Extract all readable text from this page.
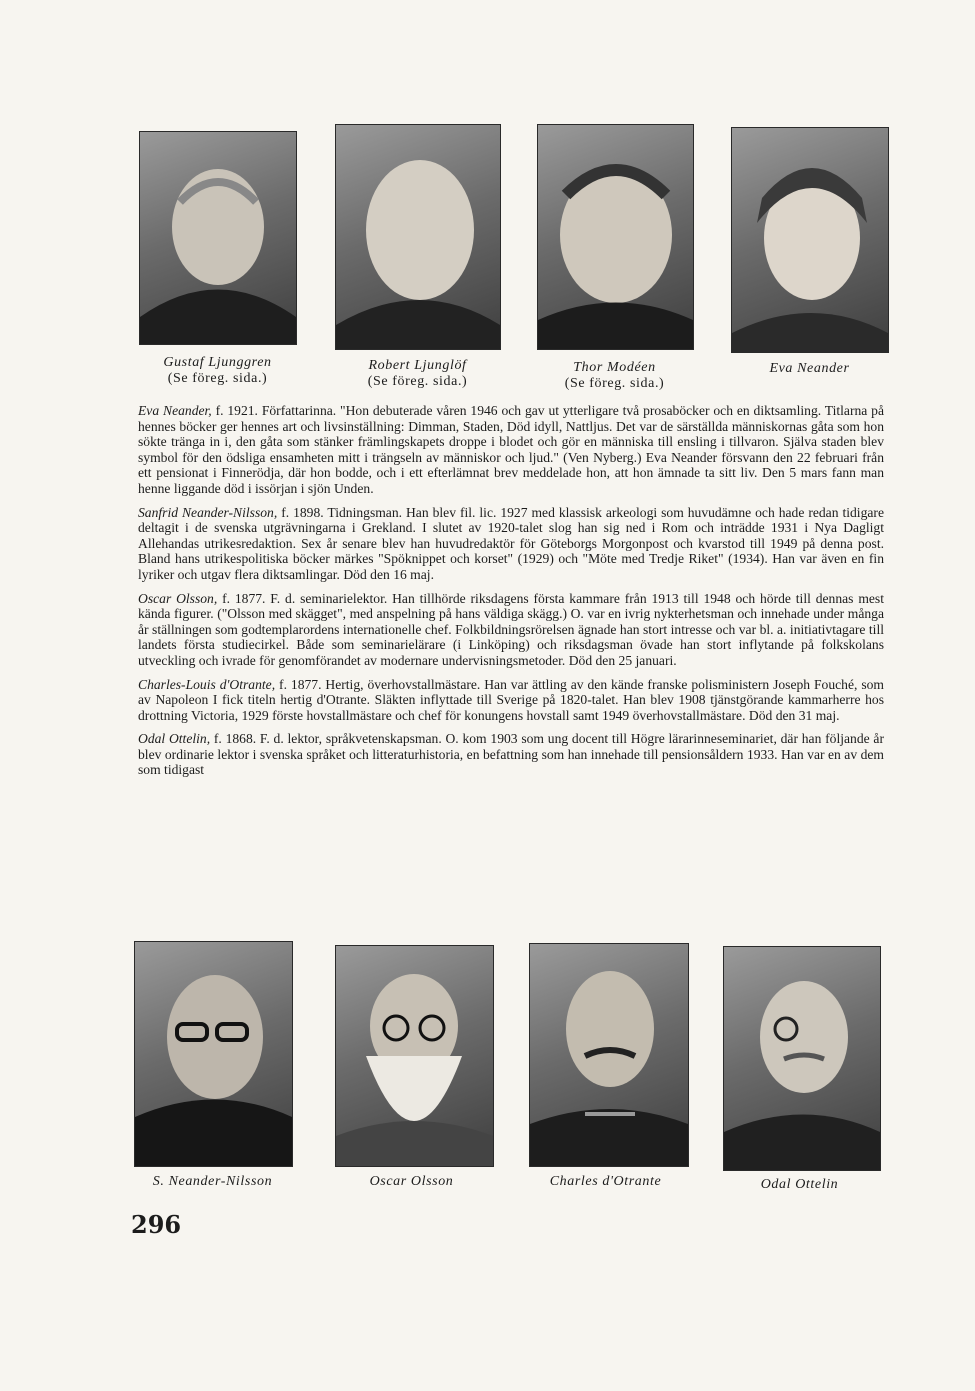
Gustaf Ljunggren
(Se föreg. sida.)
Robert Ljunglöf
(Se föreg. sida.)
Thor Modéen
(Se föreg. sida.)
Eva Neander

Eva Neander, f. 1921. Författarinna. "Hon debuterade våren 1946 och gav ut ytterligare två prosaböcker och en diktsamling. Titlarna på hennes böcker ger hennes art och livsinställning: Dimman, Staden, Död idyll, Nattljus. Det var de särställda människornas gåta som hon sökte tränga in i, den gåta som stänker främlingskapets droppe i blodet och gör en människa till ensling i tillvaron. Själva staden blev symbol för den ödsliga ensamheten mitt i trängseln av människor och ljud." (Ven Nyberg.) Eva Neander försvann den 22 februari från ett pensionat i Finnerödja, där hon bodde, och i ett efterlämnat brev meddelade hon, att hon ämnade ta sitt liv. Den 5 mars fann man henne liggande död i issörjan i sjön Unden.

Sanfrid Neander-Nilsson, f. 1898. Tidningsman. Han blev fil. lic. 1927 med klassisk arkeologi som huvudämne och hade redan tidigare deltagit i de svenska utgrävningarna i Grekland. I slutet av 1920-talet slog han sig ned i Rom och inträdde 1931 i Nya Dagligt Allehandas utrikesredaktion. Sex år senare blev han huvudredaktör för Göteborgs Morgonpost och kvarstod till 1949 på denna post. Bland hans utrikespolitiska böcker märkes "Spöknippet och korset" (1929) och "Möte med Tredje Riket" (1934). Han var även en fin lyriker och utgav flera diktsamlingar. Död den 16 maj.

Oscar Olsson, f. 1877. F. d. seminarielektor. Han tillhörde riksdagens första kammare från 1913 till 1948 och hörde till dennas mest kända figurer. ("Olsson med skägget", med anspelning på hans väldiga skägg.) O. var en ivrig nykterhetsman och innehade under många år ställningen som godtemplarordens internationelle chef. Folkbildningsrörelsen ägnade han stort intresse och var bl. a. initiativtagare till landets första studiecirkel. Både som seminarielärare (i Linköping) och riksdagsman övade han stort inflytande på folkskolans utveckling och ivrade för genomförandet av modernare undervisningsmetoder. Död den 25 januari.

Charles-Louis d'Otrante, f. 1877. Hertig, överhovstallmästare. Han var ättling av den kände franske polisministern Joseph Fouché, som av Napoleon I fick titeln hertig d'Otrante. Släkten inflyttade till Sverige på 1820-talet. Han blev 1908 tjänstgörande kammarherre hos drottning Victoria, 1929 förste hovstallmästare och chef för konungens hovstall samt 1949 överhovstallmästare. Död den 31 maj.

Odal Ottelin, f. 1868. F. d. lektor, språkvetenskapsman. O. kom 1903 som ung docent till Högre lärarinneseminariet, där han följande år blev ordinarie lektor i svenska språket och litteraturhistoria, en befattning som han innehade till pensionsåldern 1933. Han var en av dem som tidigast

S. Neander-Nilsson	Oscar Olsson	Charles d'Otrante	Odal Ottelin
296
